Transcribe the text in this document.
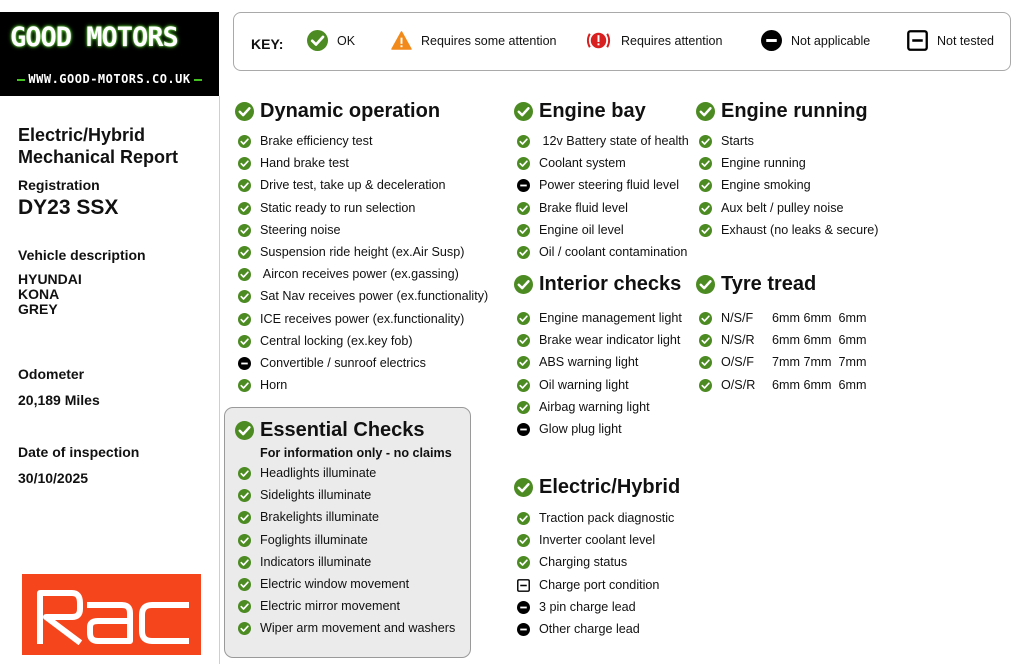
GOOD MOTORS
WWW.GOOD-MOTORS.CO.UK
KEY:	OK	Requires some attention	Requires attention	Not applicable	Not tested
Electric/Hybrid
Mechanical Report
Registration
DY23 SSX
Vehicle description
HYUNDAI
KONA
GREY
Odometer
20,189 Miles
Date of inspection
30/10/2025
Dynamic operation
Brake efficiency test
Hand brake test
Drive test, take up & deceleration
Static ready to run selection
Steering noise
Suspension ride height (ex.Air Susp)
Aircon receives power (ex.gassing)
Sat Nav receives power (ex.functionality)
ICE receives power (ex.functionality)
Central locking (ex.key fob)
Convertible / sunroof electrics
Horn
Essential Checks
Headlights illuminate
Sidelights illuminate
Brakelights illuminate
Foglights illuminate
Indicators illuminate
Electric window movement
Electric mirror movement
Wiper arm movement and washers
Engine bay
12v Battery state of health
Coolant system
Power steering fluid level
Brake fluid level
Engine oil level
Oil / coolant contamination
Interior checks
Engine management light
Brake wear indicator light
ABS warning light
Oil warning light
Airbag warning light
Glow plug light
Electric/Hybrid
Traction pack diagnostic
Inverter coolant level
Charging status
Charge port condition
3 pin charge lead
Other charge lead
Engine running
Starts
Engine running
Engine smoking
Aux belt / pulley noise
Exhaust (no leaks & secure)
Tyre tread
N/S/F 6mm 6mm  6mm
N/S/R 6mm 6mm  6mm
O/S/F 7mm 7mm  7mm
O/S/R 6mm 6mm  6mm
For information only - no claims
